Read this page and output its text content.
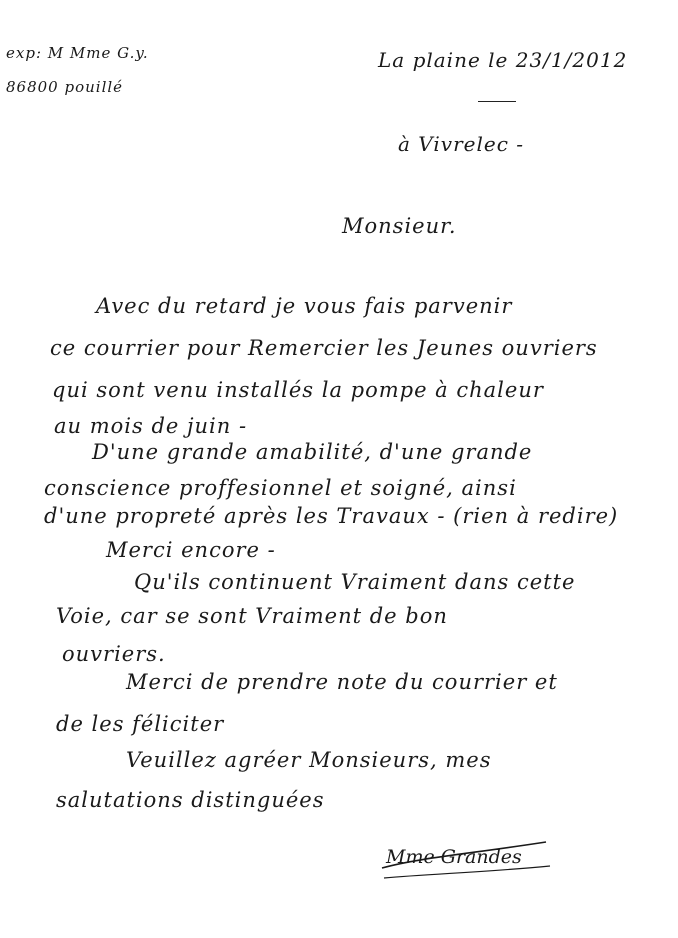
exp: M Mme G.y.
86800 pouillé
La plaine le 23/1/2012
à Vivrelec -
Monsieur.
Avec du retard je vous fais parvenir
ce courrier pour Remercier les Jeunes ouvriers
qui sont venu installés la pompe à chaleur
au mois de juin -
D'une grande amabilité, d'une grande
conscience proffesionnel et soigné, ainsi
d'une propreté après les Travaux - (rien à redire)
Merci encore -
Qu'ils continuent Vraiment dans cette
Voie, car se sont Vraiment de bon
ouvriers.
Merci de prendre note du courrier et
de les féliciter
Veuillez agréer Monsieurs, mes
salutations distinguées
Mme Grandes
